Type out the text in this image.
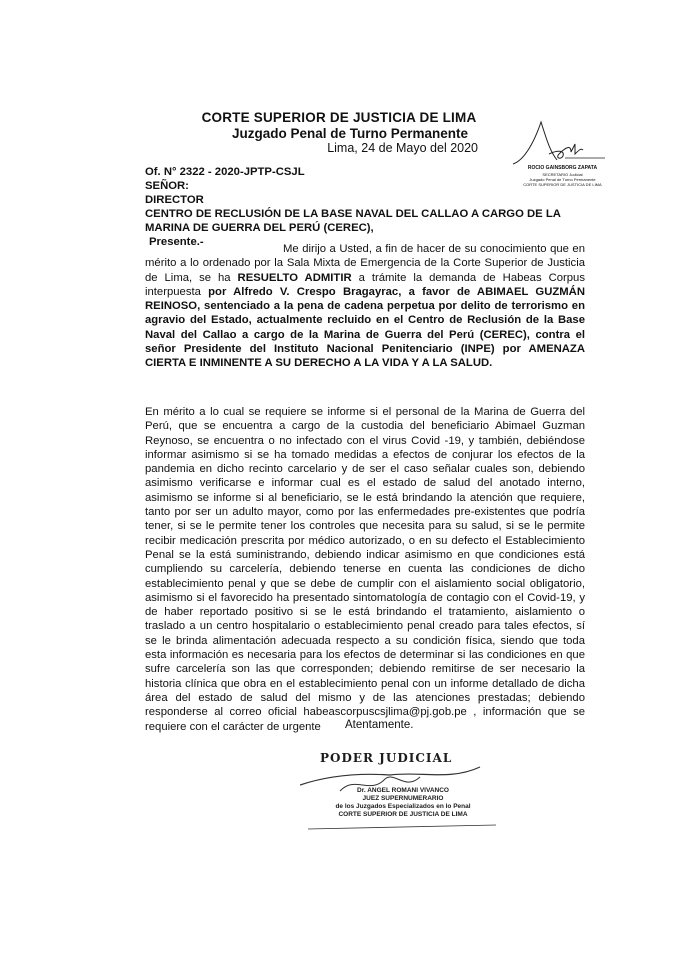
CORTE SUPERIOR DE JUSTICIA DE LIMA
Juzgado Penal de Turno Permanente
Lima, 24 de Mayo del 2020
ROCIO GAINSBORG ZAPATA
SECRETARIO Judicial
Juzgado Penal de Turno Permanente
CORTE SUPERIOR DE JUSTICIA DE LIMA
Of. N° 2322 - 2020-JPTP-CSJL
SEÑOR:
DIRECTOR
CENTRO DE RECLUSIÓN DE LA BASE NAVAL DEL CALLAO A CARGO DE LA MARINA DE GUERRA DEL PERÚ (CEREC),
Presente.-
Me dirijo a Usted, a fin de hacer de su conocimiento que en mérito a lo ordenado por la Sala Mixta de Emergencia de la Corte Superior de Justicia de Lima, se ha RESUELTO ADMITIR a trámite la demanda de Habeas Corpus interpuesta por Alfredo V. Crespo Bragayrac, a favor de ABIMAEL GUZMÁN REINOSO, sentenciado a la pena de cadena perpetua por delito de terrorismo en agravio del Estado, actualmente recluido en el Centro de Reclusión de la Base Naval del Callao a cargo de la Marina de Guerra del Perú (CEREC), contra el señor Presidente del Instituto Nacional Penitenciario (INPE) por AMENAZA CIERTA E INMINENTE A SU DERECHO A LA VIDA Y A LA SALUD.
En mérito a lo cual se requiere se informe si el personal de la Marina de Guerra del Perú, que se encuentra a cargo de la custodia del beneficiario Abimael Guzman Reynoso, se encuentra o no infectado con el virus Covid -19, y también, debiéndose informar asimismo si se ha tomado medidas a efectos de conjurar los efectos de la pandemia en dicho recinto carcelario y de ser el caso señalar cuales son, debiendo asimismo verificarse e informar cual es el estado de salud del anotado interno, asimismo se informe si al beneficiario, se le está brindando la atención que requiere, tanto por ser un adulto mayor, como por las enfermedades pre-existentes que podría tener, si se le permite tener los controles que necesita para su salud, si se le permite recibir medicación prescrita por médico autorizado, o en su defecto el Establecimiento Penal se la está suministrando, debiendo indicar asimismo en que condiciones está cumpliendo su carcelería, debiendo tenerse en cuenta las condiciones de dicho establecimiento penal y que se debe de cumplir con el aislamiento social obligatorio, asimismo si el favorecido ha presentado sintomatología de contagio con el Covid-19, y de haber reportado positivo si se le está brindando el tratamiento, aislamiento o traslado a un centro hospitalario o establecimiento penal creado para tales efectos, sí se le brinda alimentación adecuada respecto a su condición física, siendo que toda esta información es necesaria para los efectos de determinar si las condiciones en que sufre carcelería son las que corresponden; debiendo remitirse de ser necesario la historia clínica que obra en el establecimiento penal con un informe detallado de dicha área del estado de salud del mismo y de las atenciones prestadas; debiendo responderse al correo oficial habeascorpuscsjlima@pj.gob.pe , información que se requiere con el carácter de urgente	Atentamente.
PODER JUDICIAL
Dr. ANGEL ROMANI VIVANCO
JUEZ SUPERNUMERARIO
de los Juzgados Especializados en lo Penal
CORTE SUPERIOR DE JUSTICIA DE LIMA
